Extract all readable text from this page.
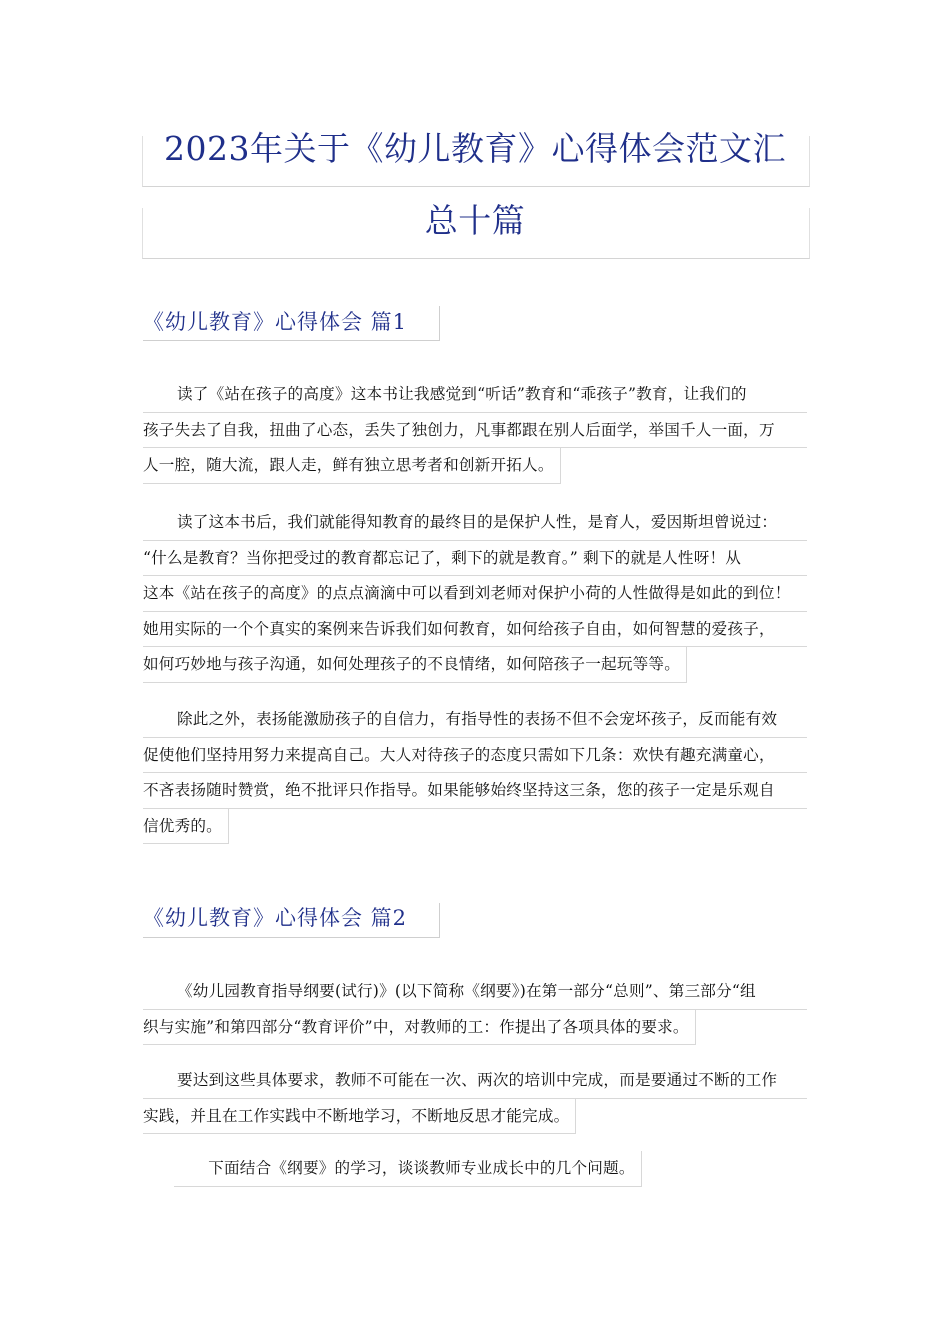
2023年关于《幼儿教育》心得体会范文汇
总十篇
《幼儿教育》心得体会 篇1
读了《站在孩子的高度》这本书让我感觉到“听话”教育和“乖孩子”教育，让我们的
孩子失去了自我，扭曲了心态，丢失了独创力，凡事都跟在别人后面学，举国千人一面，万
人一腔，随大流，跟人走，鲜有独立思考者和创新开拓人。
读了这本书后，我们就能得知教育的最终目的是保护人性，是育人，爱因斯坦曾说过：
“什么是教育？当你把受过的教育都忘记了，剩下的就是教育。” 剩下的就是人性呀！从
这本《站在孩子的高度》的点点滴滴中可以看到刘老师对保护小荷的人性做得是如此的到位！
她用实际的一个个真实的案例来告诉我们如何教育，如何给孩子自由，如何智慧的爱孩子，
如何巧妙地与孩子沟通，如何处理孩子的不良情绪，如何陪孩子一起玩等等。
除此之外，表扬能激励孩子的自信力，有指导性的表扬不但不会宠坏孩子，反而能有效
促使他们坚持用努力来提高自己。大人对待孩子的态度只需如下几条：欢快有趣充满童心，
不吝表扬随时赞赏，绝不批评只作指导。如果能够始终坚持这三条，您的孩子一定是乐观自
信优秀的。
《幼儿教育》心得体会 篇2
《幼儿园教育指导纲要(试行)》(以下简称《纲要》)在第一部分“总则”、第三部分“组
织与实施”和第四部分“教育评价”中，对教师的工：作提出了各项具体的要求。
要达到这些具体要求，教师不可能在一次、两次的培训中完成，而是要通过不断的工作
实践，并且在工作实践中不断地学习，不断地反思才能完成。
下面结合《纲要》的学习，谈谈教师专业成长中的几个问题。
